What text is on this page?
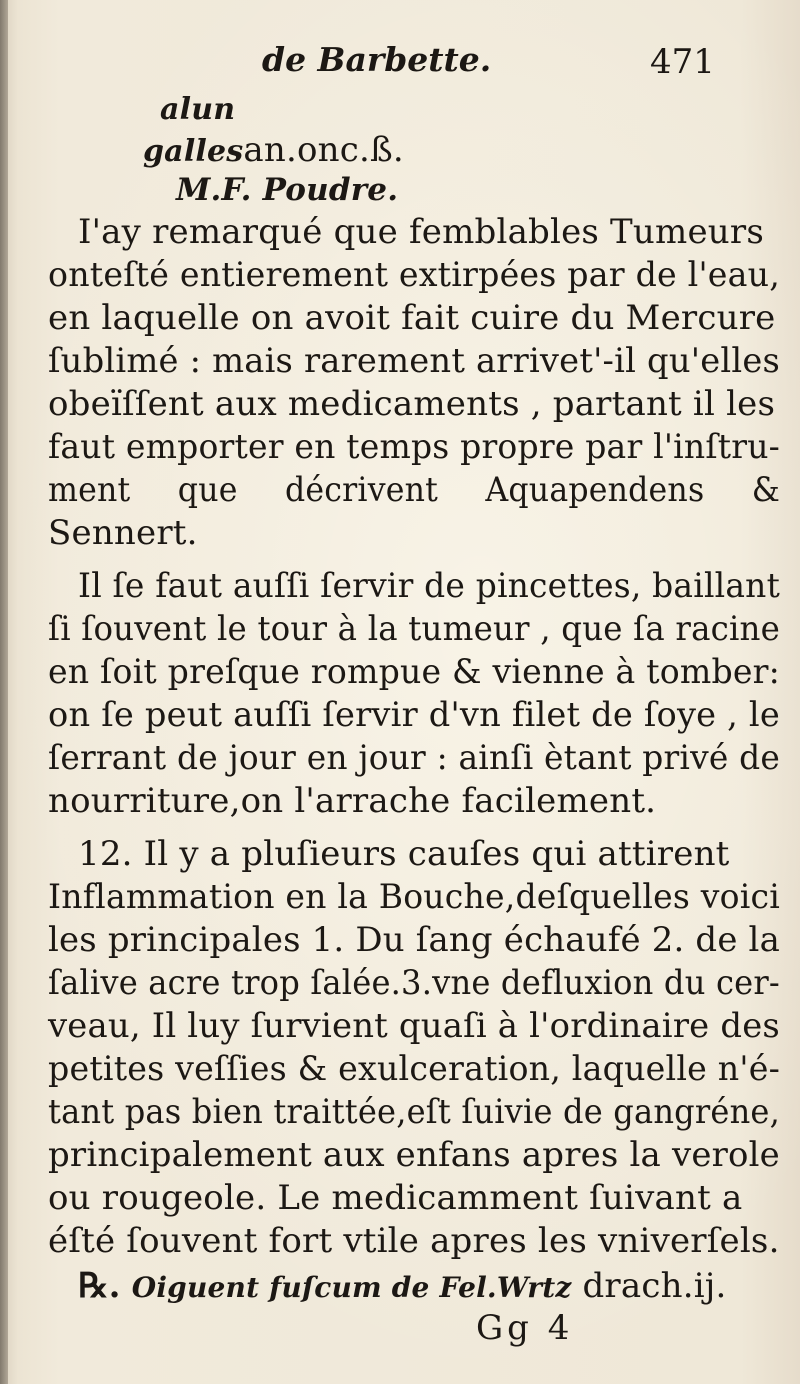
de Barbette.	471
alun
gallesan.onc.ß.
M.F. Poudre.
I'ay remarqué que femblables Tumeurs
onteſté entierement extirpées par de l'eau,
en laquelle on avoit fait cuire du Mercure
ſublimé : mais rarement arrivet'-il qu'elles
obeïſſent aux medicaments , partant il les
faut emporter en temps propre par l'inſtru-
ment que décrivent Aquapendens &
Sennert.
Il ſe faut auſſi ſervir de pincettes, baillant
ſi ſouvent le tour à la tumeur , que ſa racine
en ſoit preſque rompue & vienne à tomber:
on ſe peut auſſi ſervir d'vn filet de ſoye , le
ſerrant de jour en jour : ainſi ètant privé de
nourriture,on l'arrache facilement.
12. Il y a pluſieurs cauſes qui attirent
Inflammation en la Bouche,deſquelles voici
les principales 1. Du ſang échaufé 2. de la
ſalive acre trop ſalée.3.vne defluxion du cer-
veau, Il luy ſurvient quaſi à l'ordinaire des
petites veſſies & exulceration, laquelle n'é-
tant pas bien traittée,eſt ſuivie de gangréne,
principalement aux enfans apres la verole
ou rougeole. Le medicamment ſuivant a
éſté ſouvent fort vtile apres les vniverſels.
℞. Oiguent fuſcum de Fel.Wrtz drach.ij.
Gg 4
